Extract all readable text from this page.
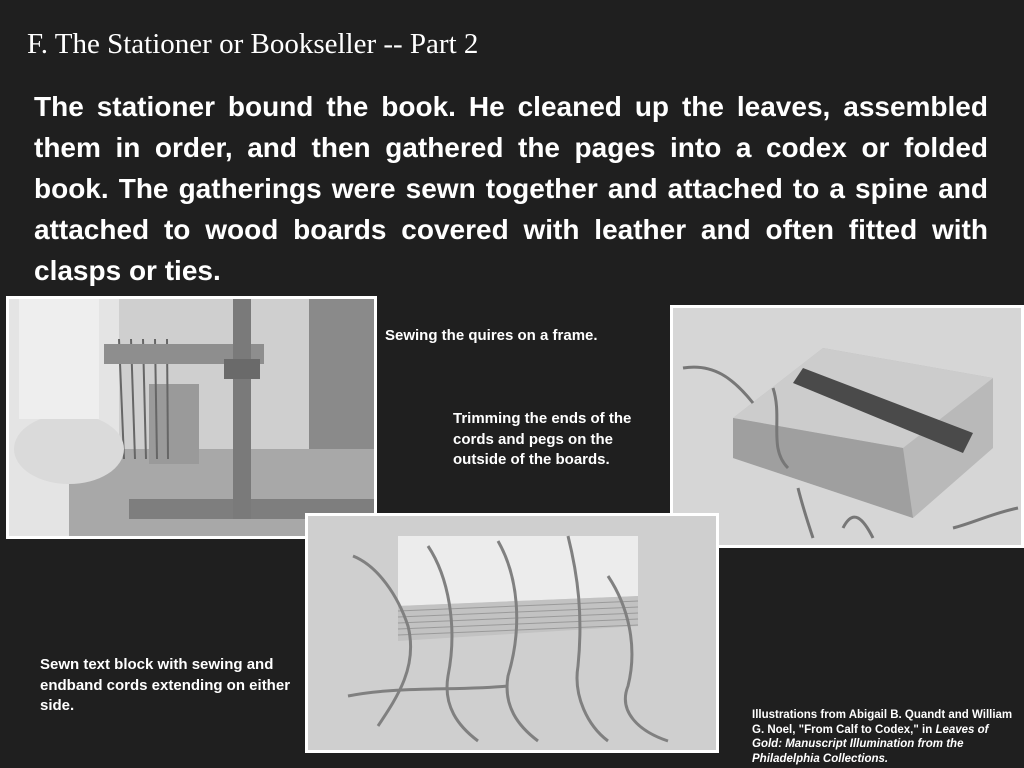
F. The Stationer or Bookseller -- Part 2
The stationer bound the book. He cleaned up the leaves, assembled them in order, and then gathered the pages into a codex or folded book. The gatherings were sewn together and attached to a spine and attached to wood boards covered with leather and often fitted with clasps or ties.
Sewing the quires on a frame.
Trimming the ends of the cords and pegs on the outside of the boards.
Sewn text block with sewing and endband cords extending on either side.
Illustrations from Abigail B. Quandt and William G. Noel, "From Calf to Codex," in Leaves of Gold: Manuscript Illumination from the Philadelphia Collections.
